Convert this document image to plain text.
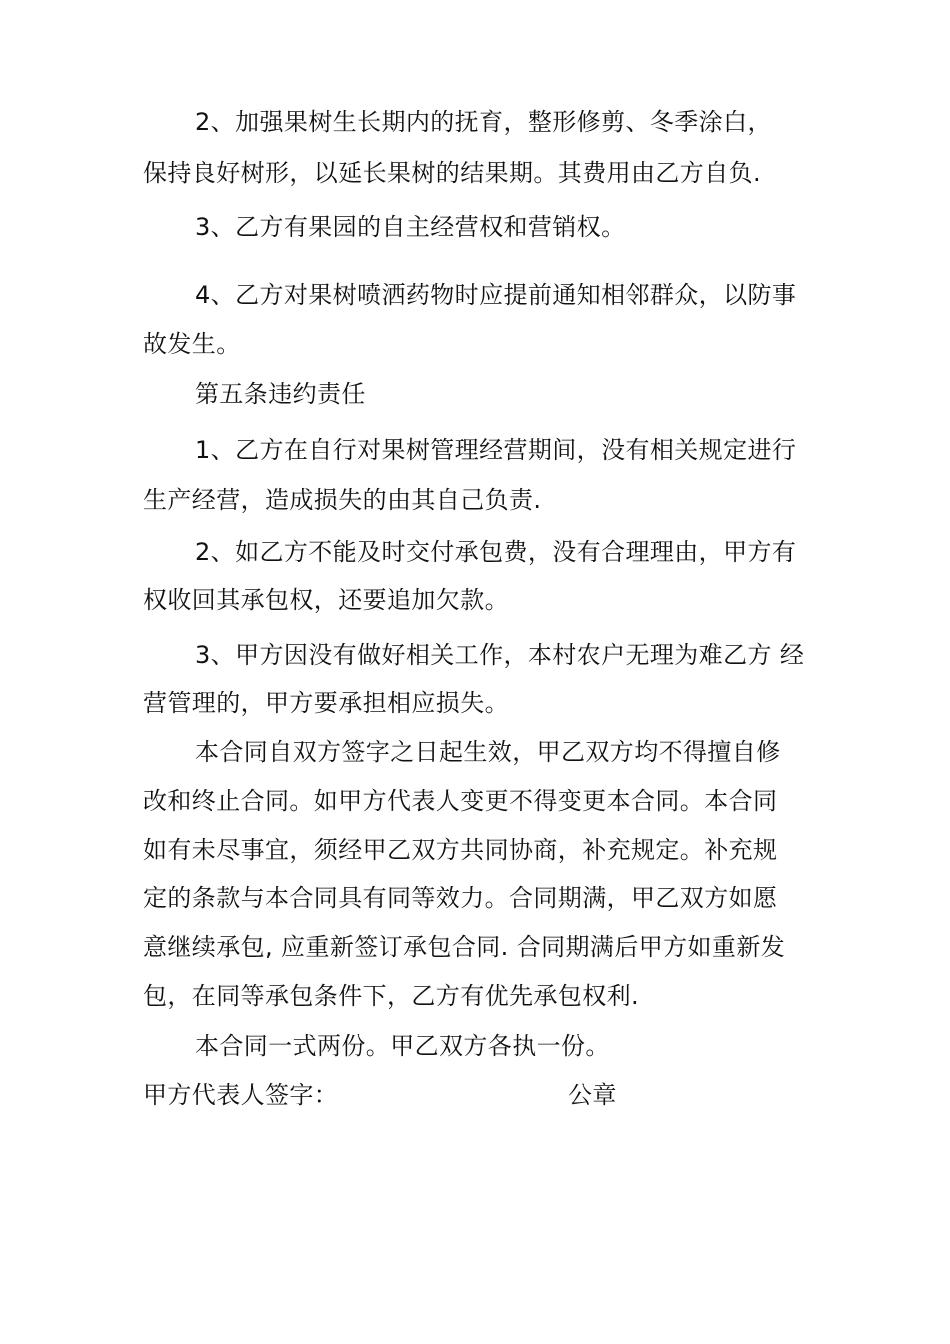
2、加强果树生长期内的抚育，整形修剪、冬季涂白，
保持良好树形，以延长果树的结果期。其费用由乙方自负.
3、乙方有果园的自主经营权和营销权。
4、乙方对果树喷洒药物时应提前通知相邻群众，以防事
故发生。
第五条违约责任
1、乙方在自行对果树管理经营期间，没有相关规定进行
生产经营，造成损失的由其自己负责.
2、如乙方不能及时交付承包费，没有合理理由，甲方有
权收回其承包权，还要追加欠款。
3、甲方因没有做好相关工作，本村农户无理为难乙方 经
营管理的，甲方要承担相应损失。
本合同自双方签字之日起生效，甲乙双方均不得擅自修
改和终止合同。如甲方代表人变更不得变更本合同。本合同
如有未尽事宜，须经甲乙双方共同协商，补充规定。补充规
定的条款与本合同具有同等效力。合同期满，甲乙双方如愿
意继续承包, 应重新签订承包合同. 合同期满后甲方如重新发
包，在同等承包条件下，乙方有优先承包权利.
本合同一式两份。甲乙双方各执一份。
甲方代表人签字：	公章
